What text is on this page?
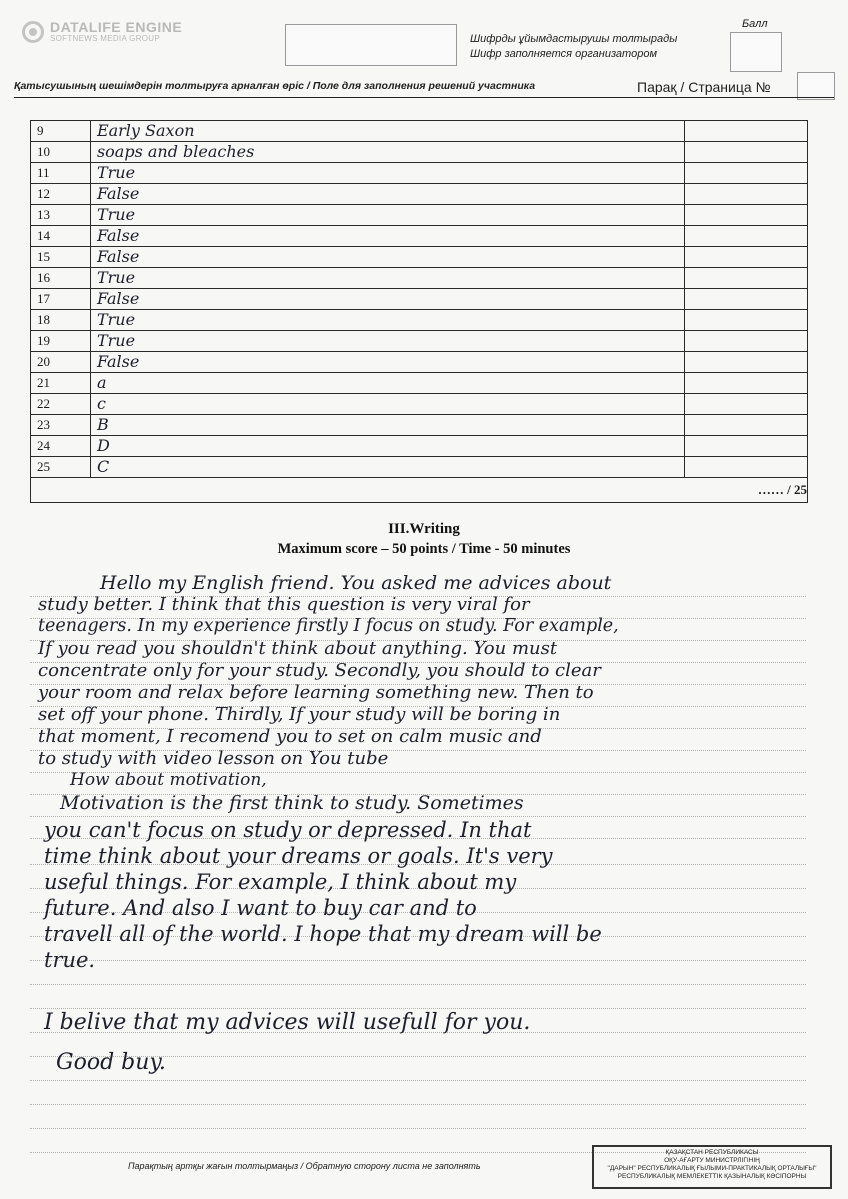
DATALIFE ENGINE
SOFTNEWS MEDIA GROUP	Шифрды ұйымдастырушы толтырады
Шифр заполняется организатором
Балл
Қатысушының шешімдерін толтыруға арналған өріс / Поле для заполнения решений участника	Парақ / Страница №
9	Early Saxon	

10	soaps and bleaches	

11	True	

12	False	

13	True	

14	False	

15	False	

16	True	

17	False	

18	True	

19	True	

20	False	

21	a	

22	c	

23	B	

24	D	

25	C	

…… / 25		
III.Writing
Maximum score – 50 points / Time - 50 minutes
Hello my English friend. You asked me advices about
study better. I think that this question is very viral for
teenagers. In my experience firstly I focus on study. For example,
If you read you shouldn't think about anything. You must
concentrate only for your study. Secondly, you should to clear
your room and relax before learning something new. Then to
set off your phone. Thirdly, If your study will be boring in
that moment, I recomend you to set on calm music and
to study with video lesson on You tube
How about motivation,
Motivation is the first think to study. Sometimes
you can't focus on study or depressed. In that
time think about your dreams or goals. It's very
useful things. For example, I think about my
future. And also I want to buy car and to
travell all of the world. I hope that my dream will be
true.
I belive that my advices will usefull for you.
Good buy.
Парақтың артқы жағын толтырмаңыз / Обратную сторону листа не заполнять
ҚАЗАҚСТАН РЕСПУБЛИКАСЫ
ОҚУ-АҒАРТУ МИНИСТРЛІГІНІҢ
"ДАРЫН" РЕСПУБЛИКАЛЫҚ ҒЫЛЫМИ-ПРАКТИКАЛЫҚ ОРТАЛЫҒЫ"
РЕСПУБЛИКАЛЫҚ МЕМЛЕКЕТТІК ҚАЗЫНАЛЫҚ КӘСІПОРНЫ
